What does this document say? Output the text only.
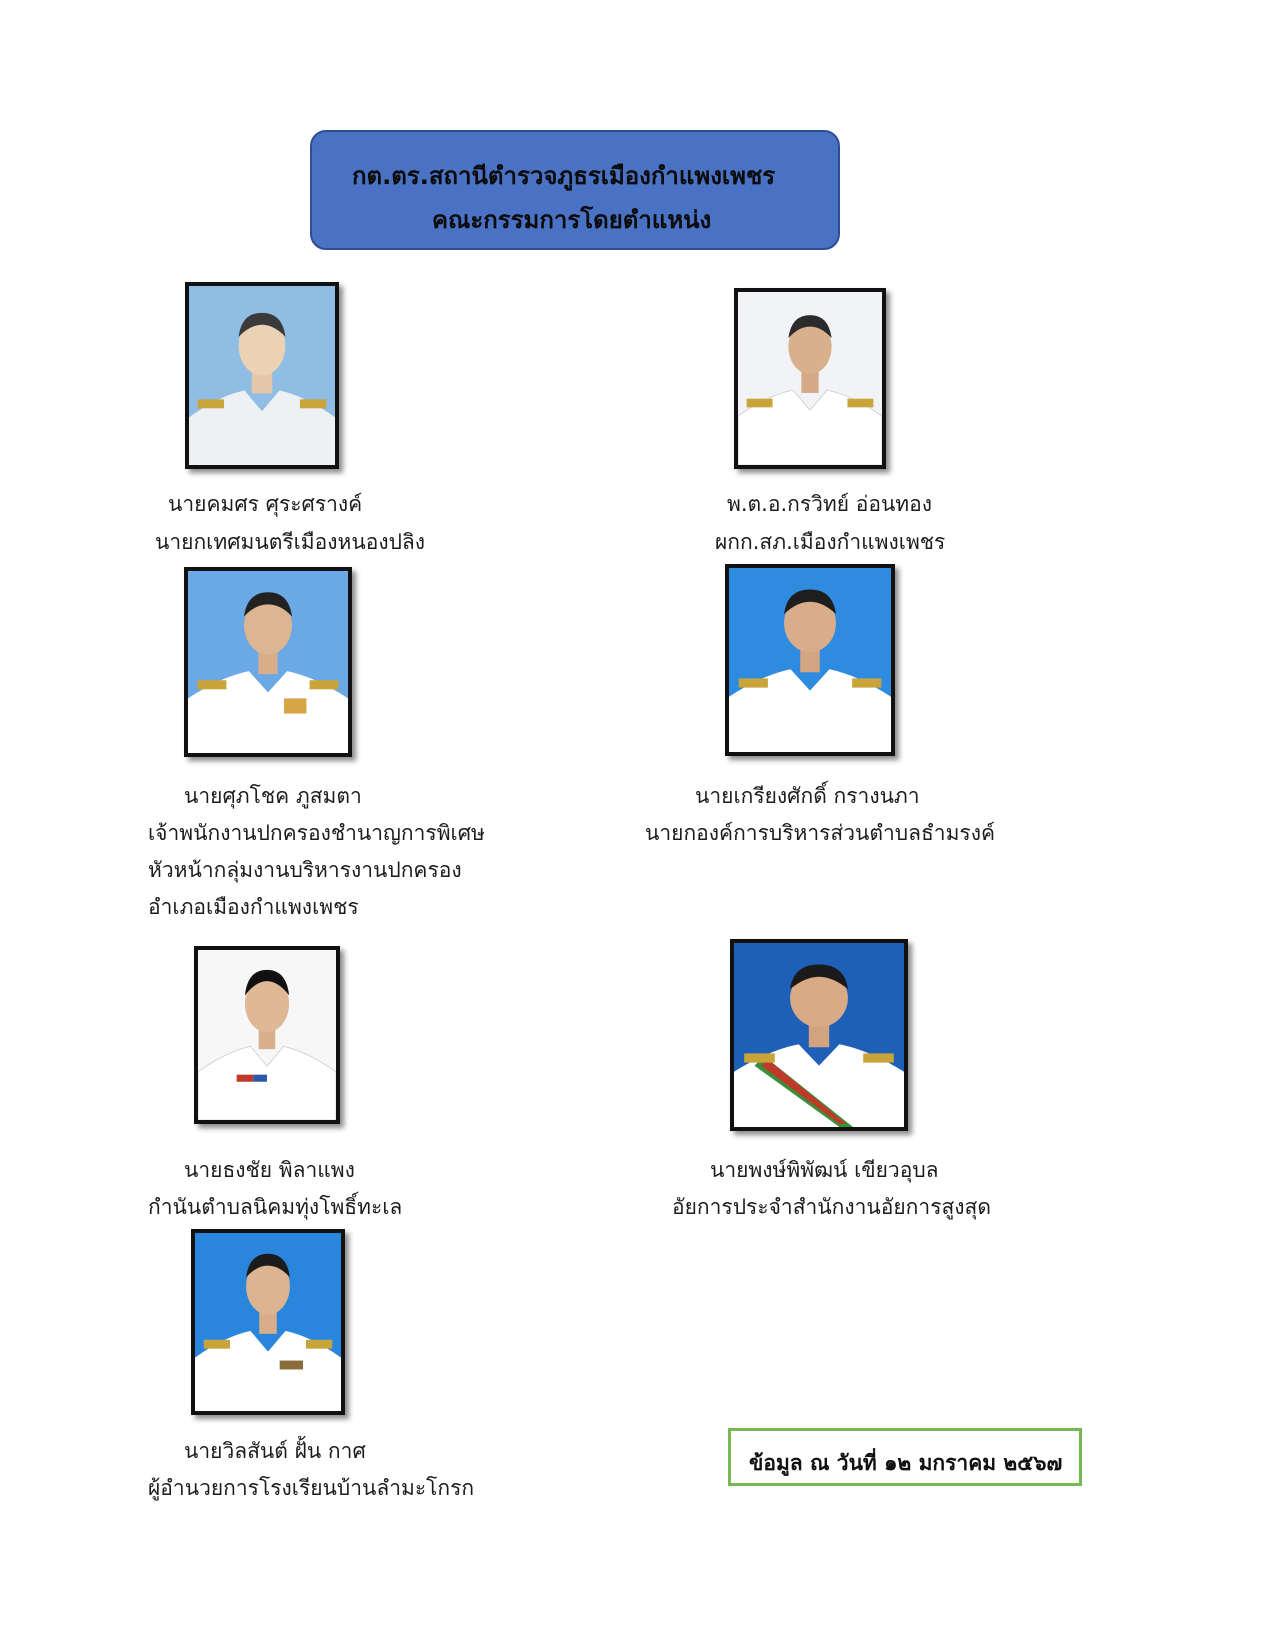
กต.ตร.สถานีตำรวจภูธรเมืองกำแพงเพชร
คณะกรรมการโดยตำแหน่ง
นายคมศร ศุระศรางค์
นายกเทศมนตรีเมืองหนองปลิง
พ.ต.อ.กรวิทย์ อ่อนทอง
ผกก.สภ.เมืองกำแพงเพชร
นายศุภโชค ภูสมตา
เจ้าพนักงานปกครองชำนาญการพิเศษ
หัวหน้ากลุ่มงานบริหารงานปกครอง
อำเภอเมืองกำแพงเพชร
นายเกรียงศักดิ์ กรางนภา
นายกองค์การบริหารส่วนตำบลธำมรงค์
นายธงชัย พิลาแพง
กำนันตำบลนิคมทุ่งโพธิ์ทะเล
นายพงษ์พิพัฒน์ เขียวอุบล
อัยการประจำสำนักงานอัยการสูงสุด
นายวิลสันต์ ฝั้น กาศ
ผู้อำนวยการโรงเรียนบ้านลำมะโกรก
ข้อมูล ณ วันที่ ๑๒ มกราคม ๒๕๖๗
